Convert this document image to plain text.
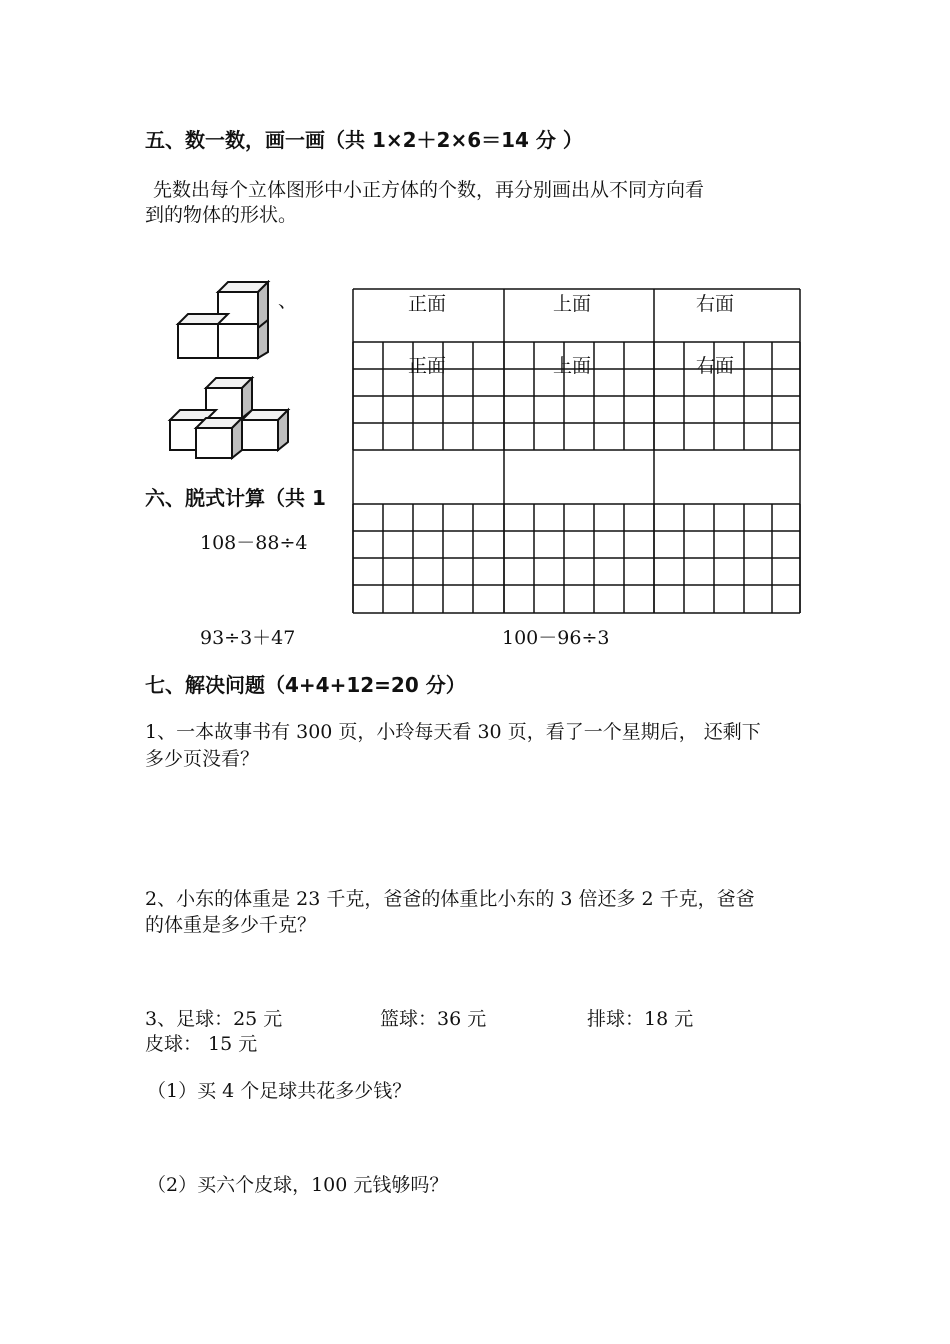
五、数一数，画一画（共 1×2＋2×6＝14 分 ）
先数出每个立体图形中小正方体的个数，再分别画出从不同方向看
到的物体的形状。
、	正面	上面	右面
正面	上面	右面
六、脱式计算（共 1
108－88÷4
93÷3＋47	100－96÷3
七、解决问题（4+4+12=20 分）
1、一本故事书有 300 页，小玲每天看 30 页，看了一个星期后， 还剩下
多少页没看？
2、小东的体重是 23 千克，爸爸的体重比小东的 3 倍还多 2 千克，爸爸
的体重是多少千克？
3、足球：25 元	篮球：36 元	排球：18 元
皮球： 15 元
（1）买 4 个足球共花多少钱？
（2）买六个皮球，100 元钱够吗？
